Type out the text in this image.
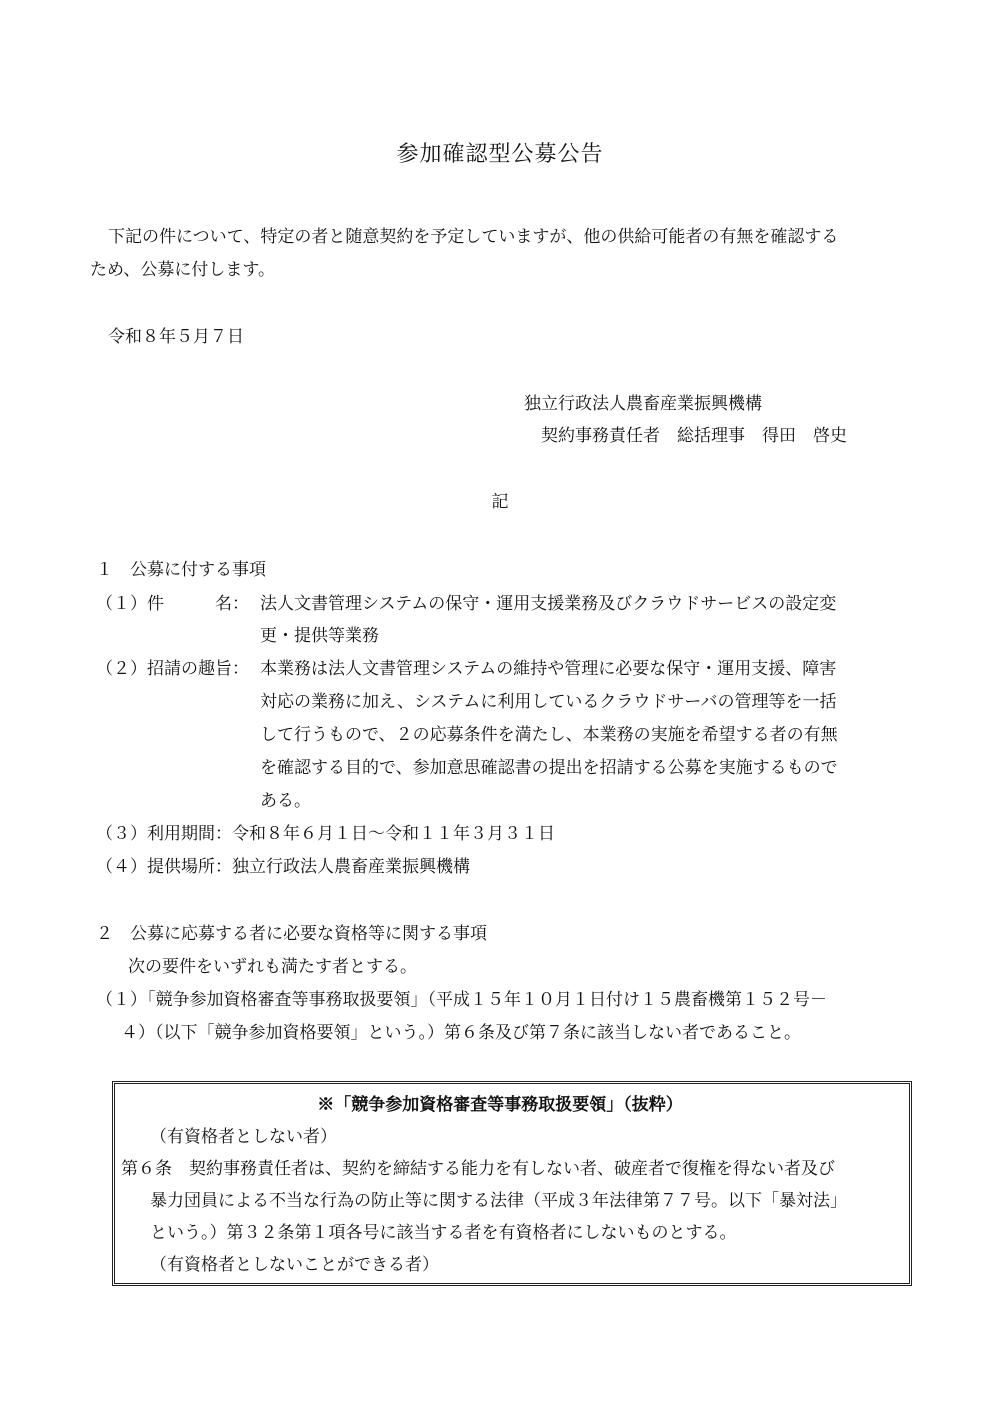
参加確認型公募公告
下記の件について、特定の者と随意契約を予定していますが、他の供給可能者の有無を確認する
ため、公募に付します。
令和８年５月７日
独立行政法人農畜産業振興機構
契約事務責任者　総括理事　得田　啓史
記
１　公募に付する事項
（１）件　　　名： 法人文書管理システムの保守・運用支援業務及びクラウドサービスの設定変
更・提供等業務
（２）招請の趣旨： 本業務は法人文書管理システムの維持や管理に必要な保守・運用支援、障害
対応の業務に加え、システムに利用しているクラウドサーバの管理等を一括
して行うもので、２の応募条件を満たし、本業務の実施を希望する者の有無
を確認する目的で、参加意思確認書の提出を招請する公募を実施するもので
ある。
（３）利用期間：令和８年６月１日～令和１１年３月３１日
（４）提供場所：独立行政法人農畜産業振興機構
２　公募に応募する者に必要な資格等に関する事項
次の要件をいずれも満たす者とする。
（１）「競争参加資格審査等事務取扱要領」（平成１５年１０月１日付け１５農畜機第１５２号－
４）（以下「競争参加資格要領」という。）第６条及び第７条に該当しない者であること。
※「競争参加資格審査等事務取扱要領」（抜粋）
（有資格者としない者）
第６条　契約事務責任者は、契約を締結する能力を有しない者、破産者で復権を得ない者及び
暴力団員による不当な行為の防止等に関する法律（平成３年法律第７７号。以下「暴対法」
という。）第３２条第１項各号に該当する者を有資格者にしないものとする。
（有資格者としないことができる者）
